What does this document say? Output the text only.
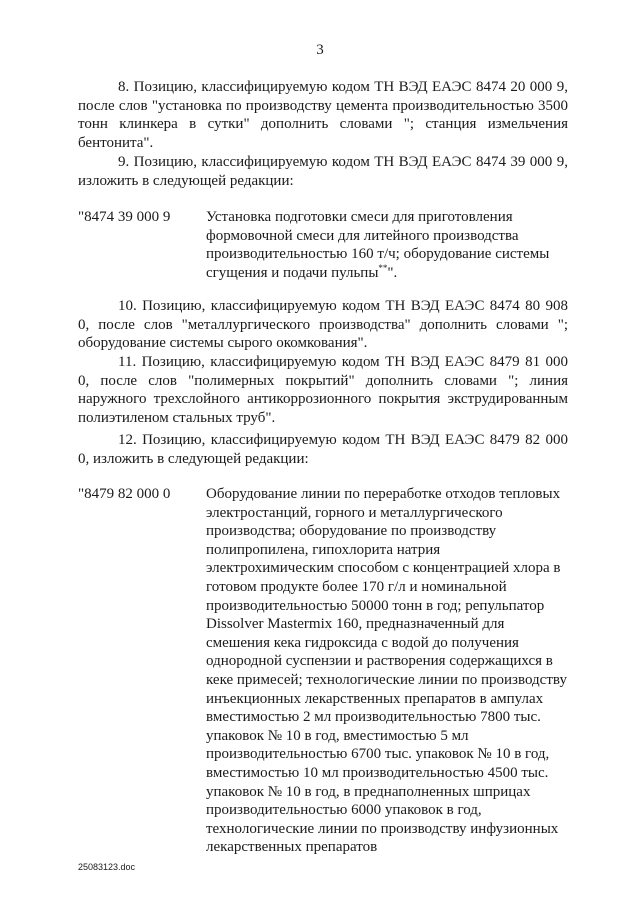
3

8. Позицию, классифицируемую кодом ТН ВЭД ЕАЭС 8474 20 000 9, после слов "установка по производству цемента производительностью 3500 тонн клинкера в сутки" дополнить словами "; станция измельчения бентонита".

9. Позицию, классифицируемую кодом ТН ВЭД ЕАЭС 8474 39 000 9, изложить в следующей редакции:

"8474 39 000 9 Установка подготовки смеси для приготовления формовочной смеси для литейного производства производительностью 160 т/ч; оборудование системы сгущения и подачи пульпы**".

10. Позицию, классифицируемую кодом ТН ВЭД ЕАЭС 8474 80 908 0, после слов "металлургического производства" дополнить словами "; оборудование системы сырого окомкования".

11. Позицию, классифицируемую кодом ТН ВЭД ЕАЭС 8479 81 000 0, после слов "полимерных покрытий" дополнить словами "; линия наружного трехслойного антикоррозионного покрытия экструдированным полиэтиленом стальных труб".

12. Позицию, классифицируемую кодом ТН ВЭД ЕАЭС 8479 82 000 0, изложить в следующей редакции:

"8479 82 000 0 Оборудование линии по переработке отходов тепловых электростанций, горного и металлургического производства; оборудование по производству полипропилена, гипохлорита натрия электрохимическим способом с концентрацией хлора в готовом продукте более 170 г/л и номинальной производительностью 50000 тонн в год; репульпатор Dissolver Mastermix 160, предназначенный для смешения кека гидроксида с водой до получения однородной суспензии и растворения содержащихся в кеке примесей; технологические линии по производству инъекционных лекарственных препаратов в ампулах вместимостью 2 мл производительностью 7800 тыс. упаковок № 10 в год, вместимостью 5 мл производительностью 6700 тыс. упаковок № 10 в год, вместимостью 10 мл производительностью 4500 тыс. упаковок № 10 в год, в преднаполненных шприцах производительностью 6000 упаковок в год, технологические линии по производству инфузионных лекарственных препаратов
25083123.doc
